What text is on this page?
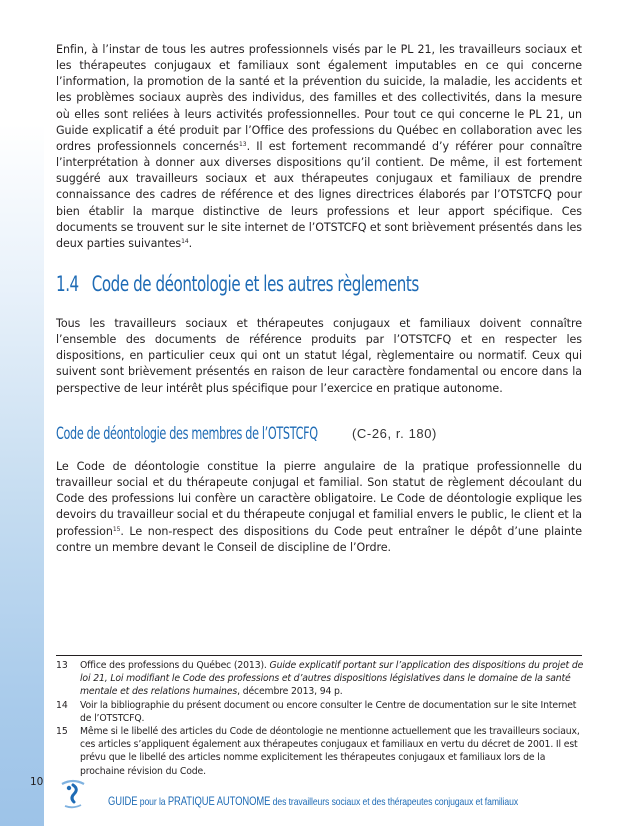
Enfin, à l’instar de tous les autres professionnels visés par le PL 21, les travailleurs sociaux et les thérapeutes conjugaux et familiaux sont également imputables en ce qui concerne l’information, la promotion de la santé et la prévention du suicide, la maladie, les accidents et les problèmes sociaux auprès des individus, des familles et des collectivités, dans la mesure où elles sont reliées à leurs activités professionnelles. Pour tout ce qui concerne le PL 21, un Guide explicatif a été produit par l’Office des professions du Québec en collaboration avec les ordres professionnels concernés$^{13}$. Il est fortement recommandé d’y référer pour connaître l’interprétation à donner aux diverses dispositions qu’il contient. De même, il est fortement suggéré aux travailleurs sociaux et aux thérapeutes conjugaux et familiaux de prendre connaissance des cadres de référence et des lignes directrices élaborés par l’OTSTCFQ pour bien établir la marque distinctive de leurs professions et leur apport spécifique. Ces documents se trouvent sur le site internet de l’OTSTCFQ et sont brièvement présentés dans les deux parties suivantes$^{14}$.

1.4 Code de déontologie et les autres règlements

Tous les travailleurs sociaux et thérapeutes conjugaux et familiaux doivent connaître l’ensemble des documents de référence produits par l’OTSTCFQ et en respecter les dispositions, en particulier ceux qui ont un statut légal, règlementaire ou normatif. Ceux qui suivent sont brièvement présentés en raison de leur caractère fondamental ou encore dans la perspective de leur intérêt plus spécifique pour l’exercice en pratique autonome.

Code de déontologie des membres de l’OTSTCFQ	(C-26, r. 180)

Le Code de déontologie constitue la pierre angulaire de la pratique professionnelle du travailleur social et du thérapeute conjugal et familial. Son statut de règlement découlant du Code des professions lui confère un caractère obligatoire. Le Code de déontologie explique les devoirs du travailleur social et du thérapeute conjugal et familial envers le public, le client et la profession$^{15}$. Le non-respect des dispositions du Code peut entraîner le dépôt d’une plainte contre un membre devant le Conseil de discipline de l’Ordre.

13	Office des professions du Québec (2013). Guide explicatif portant sur l’application des dispositions du projet de loi 21, Loi modifiant le Code des professions et d’autres dispositions législatives dans le domaine de la santé mentale et des relations humaines, décembre 2013, 94 p.
14	Voir la bibliographie du présent document ou encore consulter le Centre de documentation sur le site Internet de l’OTSTCFQ.
15	Même si le libellé des articles du Code de déontologie ne mentionne actuellement que les travailleurs sociaux, ces articles s’appliquent également aux thérapeutes conjugaux et familiaux en vertu du décret de 2001. Il est prévu que le libellé des articles nomme explicitement les thérapeutes conjugaux et familiaux lors de la prochaine révision du Code.
10
GUIDE pour la PRATIQUE AUTONOME des travailleurs sociaux et des thérapeutes conjugaux et familiaux
